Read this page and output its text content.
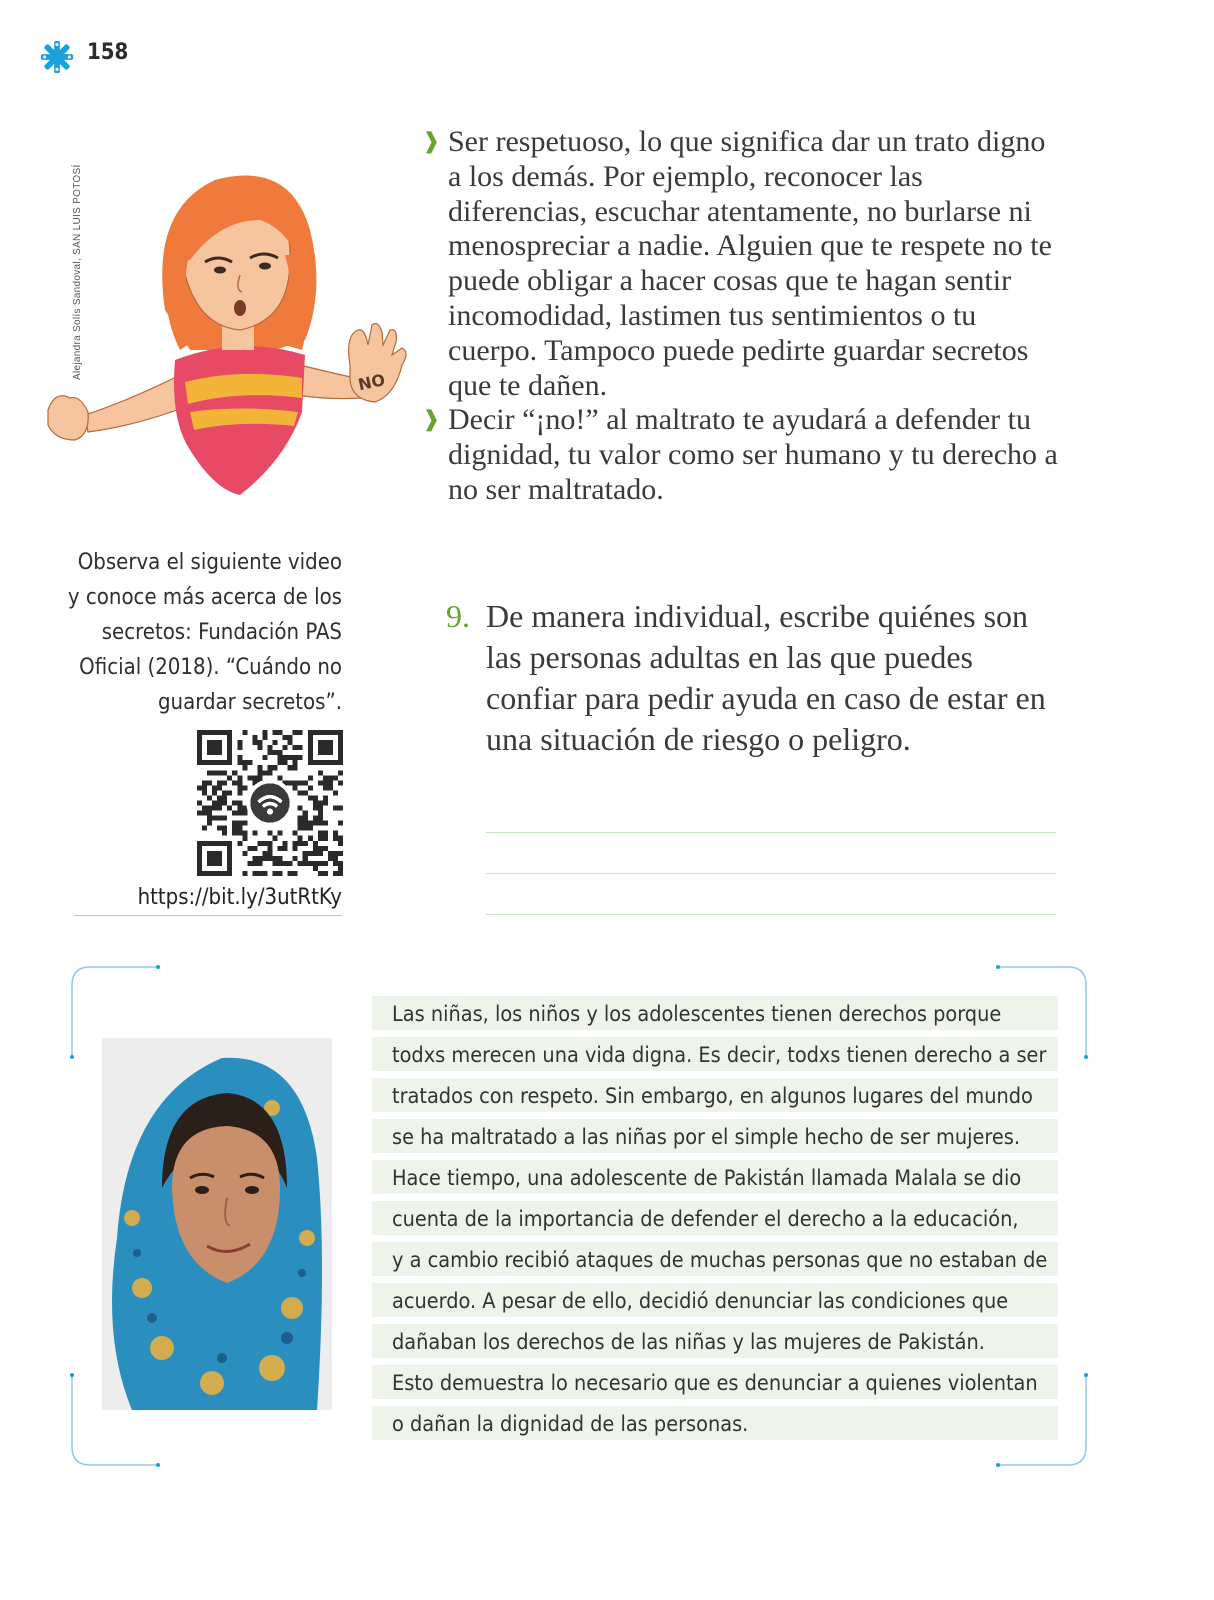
158
Alejandra Solís Sandoval, SAN LUIS POTOSÍ
NO
❱ Ser respetuoso, lo que significa dar un trato digno a los demás. Por ejemplo, reconocer las diferencias, escuchar atentamente, no burlarse ni menospreciar a nadie. Alguien que te respete no te puede obligar a hacer cosas que te hagan sentir incomodidad, lastimen tus sentimientos o tu cuerpo. Tampoco puede pedirte guardar secretos que te dañen.
❱ Decir “¡no!” al maltrato te ayudará a defender tu dignidad, tu valor como ser humano y tu derecho a no ser maltratado.
Observa el siguiente video y conoce más acerca de los secretos: Fundación PAS Oficial (2018). “Cuándo no guardar secretos”.
https://bit.ly/3utRtKy
9. De manera individual, escribe quiénes son las personas adultas en las que puedes confiar para pedir ayuda en caso de estar en una situación de riesgo o peligro.
Las niñas, los niños y los adolescentes tienen derechos porque
todxs merecen una vida digna. Es decir, todxs tienen derecho a ser
tratados con respeto. Sin embargo, en algunos lugares del mundo
se ha maltratado a las niñas por el simple hecho de ser mujeres.
Hace tiempo, una adolescente de Pakistán llamada Malala se dio
cuenta de la importancia de defender el derecho a la educación,
y a cambio recibió ataques de muchas personas que no estaban de
acuerdo. A pesar de ello, decidió denunciar las condiciones que
dañaban los derechos de las niñas y las mujeres de Pakistán.
Esto demuestra lo necesario que es denunciar a quienes violentan
o dañan la dignidad de las personas.
